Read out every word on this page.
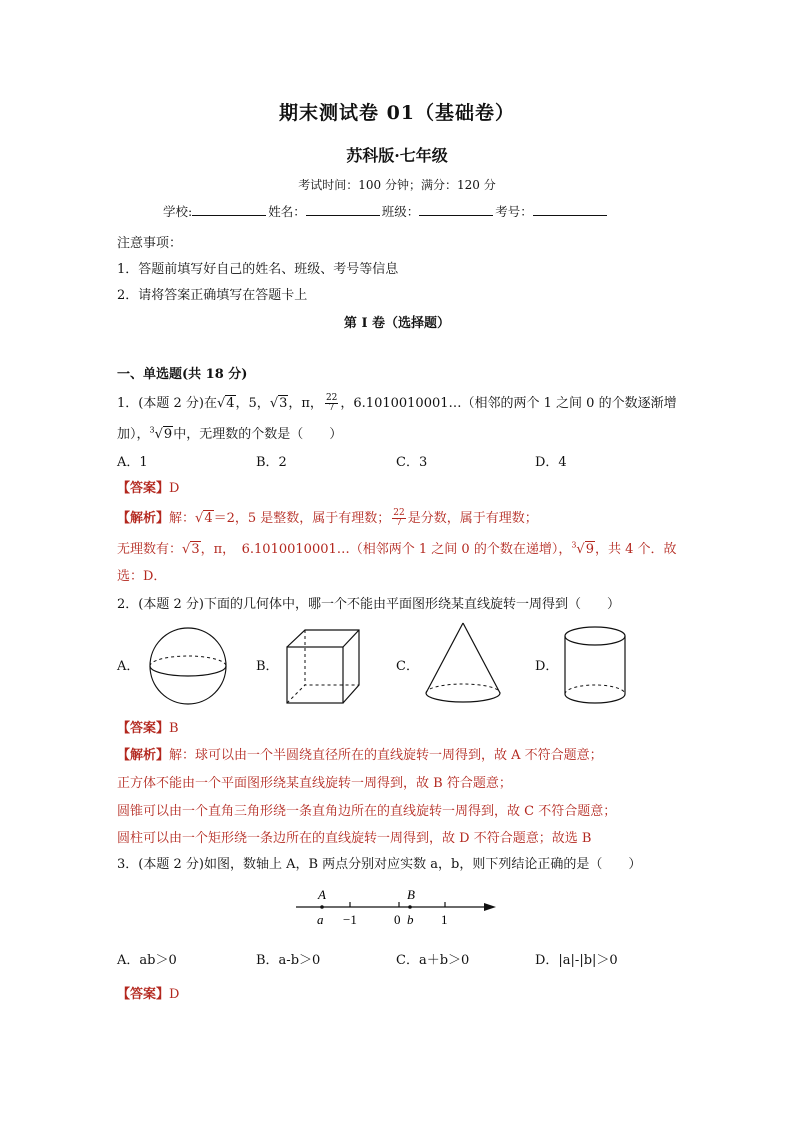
期末测试卷 01（基础卷）
苏科版·七年级
考试时间：100 分钟；满分：120 分
学校:	姓名：	班级：	考号：
注意事项：
1．答题前填写好自己的姓名、班级、考号等信息
2．请将答案正确填写在答题卡上
第 I 卷（选择题）
一、单选题(共 18 分)
1．(本题 2 分)在√4，5，√3，π， $\frac{22}{7}$ ，6.1010010001…（相邻的两个 1 之间 0 的个数逐渐增
加），$^3$√9中，无理数的个数是（　　）
A．1	B．2	C．3	D．4
【答案】D
【解析】解：√4＝2，5 是整数，属于有理数； $\frac{22}{7}$ 是分数，属于有理数；
无理数有：√3，π，　6.1010010001…（相邻两个 1 之间 0 的个数在递增），$^3$√9，共 4 个．故
选：D．
2．(本题 2 分)下面的几何体中，哪一个不能由平面图形绕某直线旋转一周得到（　　）
A．	B．	C．	D．
【答案】B
【解析】解：球可以由一个半圆绕直径所在的直线旋转一周得到，故 A 不符合题意；
正方体不能由一个平面图形绕某直线旋转一周得到，故 B 符合题意；
圆锥可以由一个直角三角形绕一条直角边所在的直线旋转一周得到，故 C 不符合题意；
圆柱可以由一个矩形绕一条边所在的直线旋转一周得到，故 D 不符合题意；故选 B
3．(本题 2 分)如图，数轴上 A，B 两点分别对应实数 a，b，则下列结论正确的是（　　）
A	B
a	b
−1	0	1
A．ab＞0	B．a-b＞0	C．a＋b＞0	D．|a|-|b|＞0
【答案】D
